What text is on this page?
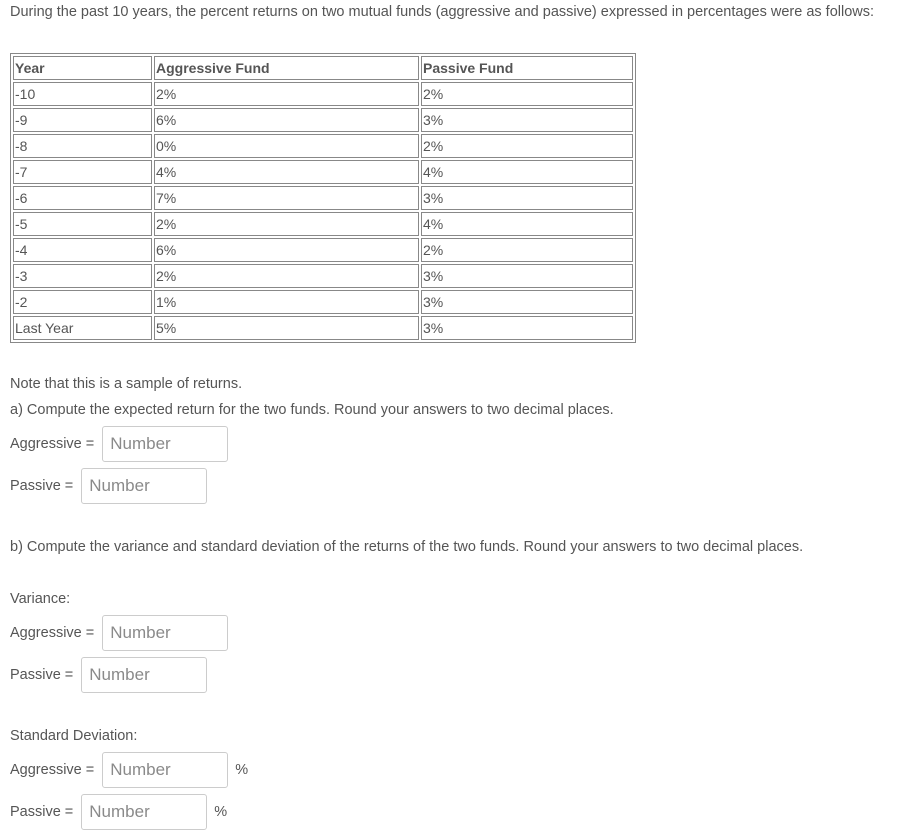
During the past 10 years, the percent returns on two mutual funds (aggressive and passive) expressed in percentages were as follows:
Year	Aggressive Fund	Passive Fund
-10	2%	2%
-9	6%	3%
-8	0%	2%
-7	4%	4%
-6	7%	3%
-5	2%	4%
-4	6%	2%
-3	2%	3%
-2	1%	3%
Last Year	5%	3%
Note that this is a sample of returns.
a) Compute the expected return for the two funds. Round your answers to two decimal places.
Aggressive =
Number
Passive =
Number
b) Compute the variance and standard deviation of the returns of the two funds. Round your answers to two decimal places.
Variance:
Aggressive =
Number
Passive =
Number
Standard Deviation:
Aggressive =
Number	%
Passive =
Number	%
